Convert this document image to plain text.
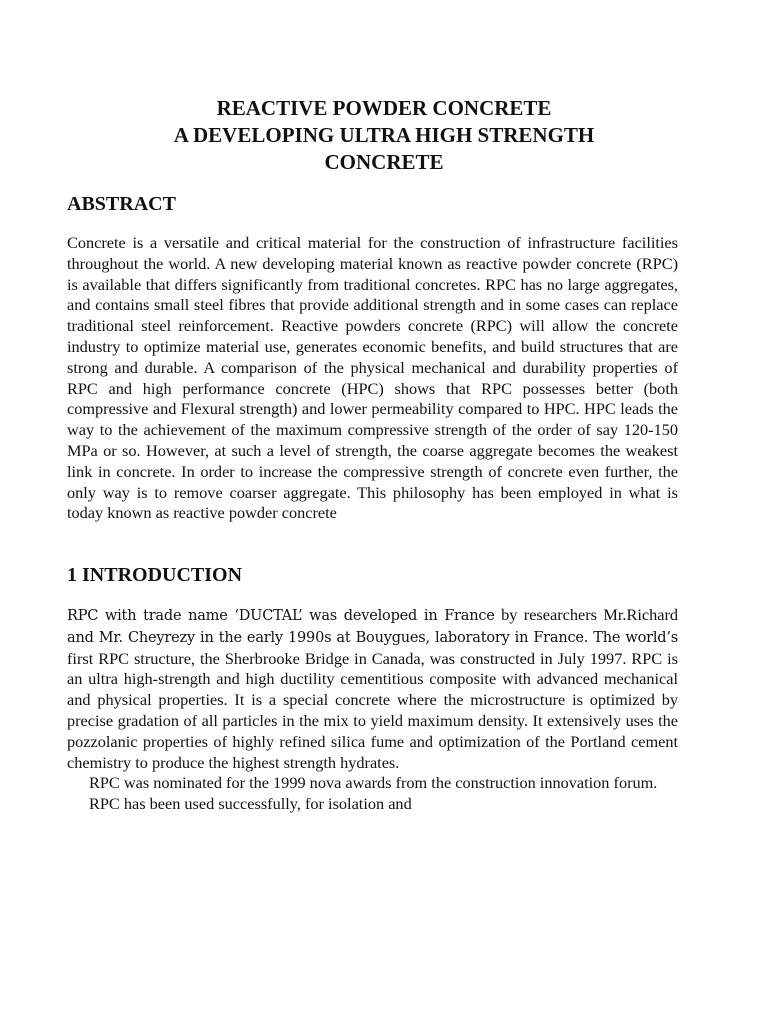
REACTIVE POWDER CONCRETE
A DEVELOPING ULTRA HIGH STRENGTH
CONCRETE
ABSTRACT

Concrete is a versatile and critical material for the construction of infrastructure facilities throughout the world. A new developing material known as reactive powder concrete (RPC) is available that differs significantly from traditional concretes. RPC has no large aggregates, and contains small steel fibres that provide additional strength and in some cases can replace traditional steel reinforcement. Reactive powders concrete (RPC) will allow the concrete industry to optimize material use, generates economic benefits, and build structures that are strong and durable. A comparison of the physical mechanical and durability properties of RPC and high performance concrete (HPC) shows that RPC possesses better (both compressive and Flexural strength) and lower permeability compared to HPC. HPC leads the way to the achievement of the maximum compressive strength of the order of say 120-150 MPa or so. However, at such a level of strength, the coarse aggregate becomes the weakest link in concrete. In order to increase the compressive strength of concrete even further, the only way is to remove coarser aggregate. This philosophy has been employed in what is today known as reactive powder concrete

1 INTRODUCTION

RPC with trade name ‘DUCTAL’ was developed in France by researchers Mr.Richard and Mr. Cheyrezy in the early 1990s at Bouygues, laboratory in France. The world’s first RPC structure, the Sherbrooke Bridge in Canada, was constructed in July 1997. RPC is an ultra high-strength and high ductility cementitious composite with advanced mechanical and physical properties. It is a special concrete where the microstructure is optimized by precise gradation of all particles in the mix to yield maximum density. It extensively uses the pozzolanic properties of highly refined silica fume and optimization of the Portland cement chemistry to produce the highest strength hydrates.

RPC was nominated for the 1999 nova awards from the construction innovation forum. RPC has been used successfully, for isolation and
